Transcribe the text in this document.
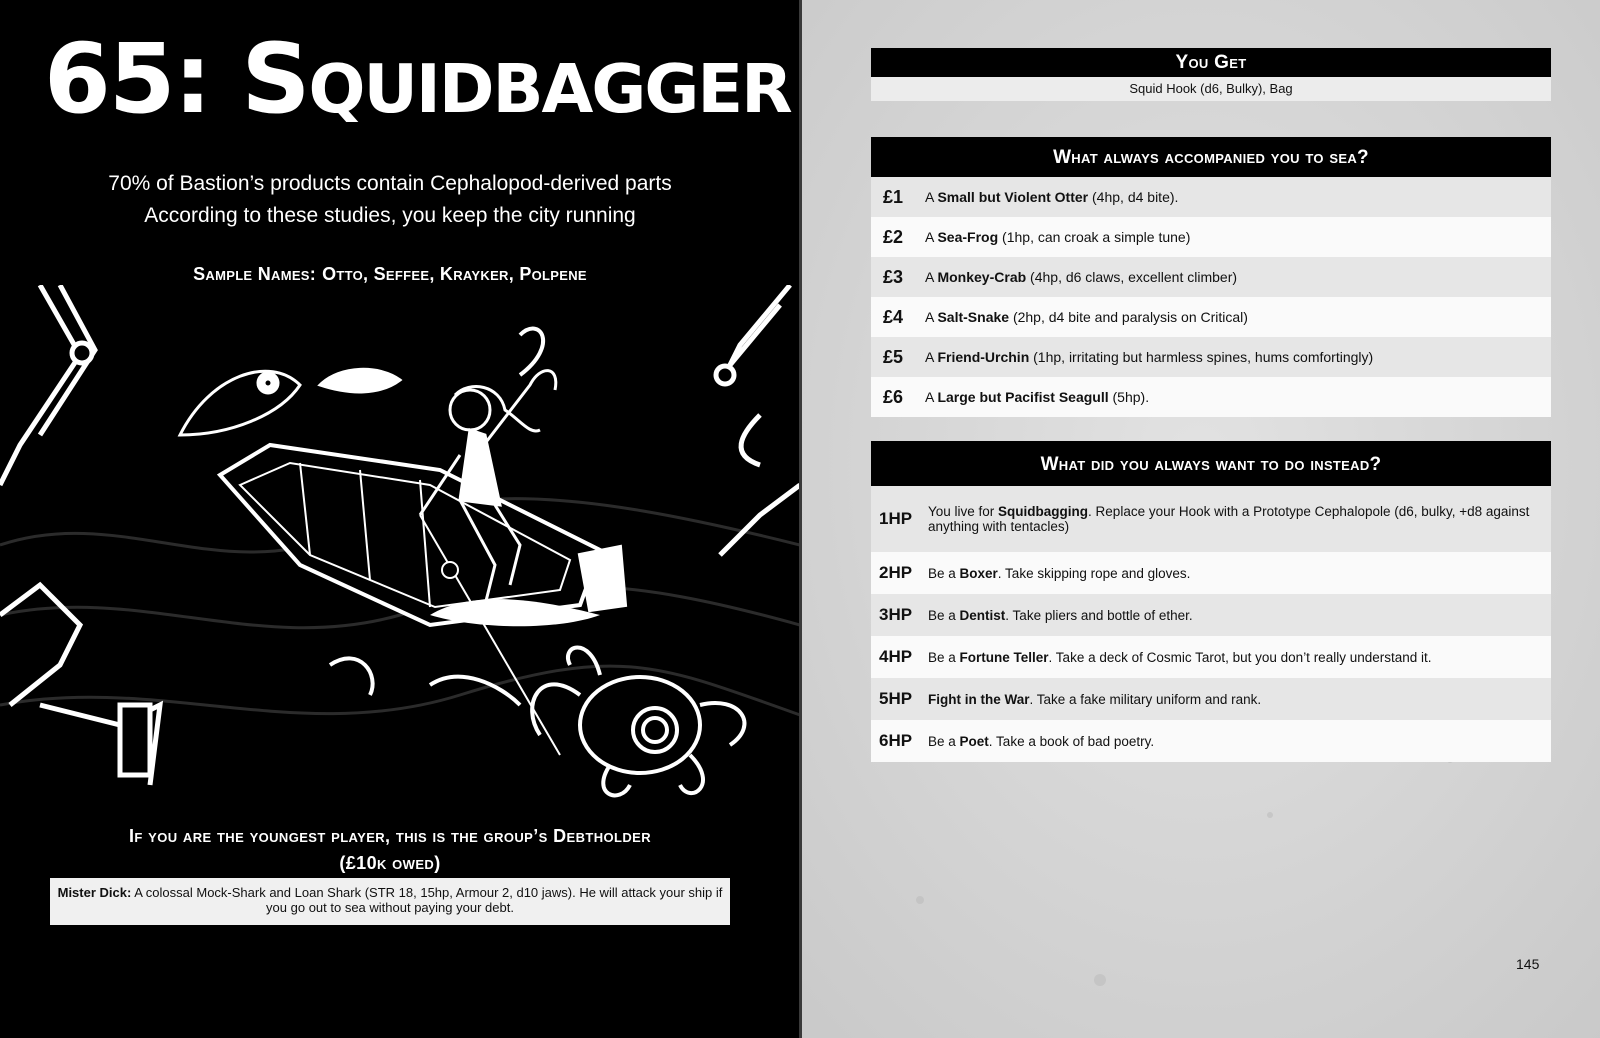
65: Squidbagger
70% of Bastion’s products contain Cephalopod-derived parts
According to these studies, you keep the city running
Sample Names: Otto, Seffee, Krayker, Polpene
If you are the youngest player, this is the group’s Debtholder
(£10k owed)
Mister Dick: A colossal Mock-Shark and Loan Shark (STR 18, 15hp, Armour 2, d10 jaws). He will attack your ship if you go out to sea without paying your debt.
You Get
Squid Hook (d6, Bulky), Bag
What always accompanied you to sea?
£1	A Small but Violent Otter (4hp, d4 bite).
£2	A Sea-Frog (1hp, can croak a simple tune)
£3	A Monkey-Crab (4hp, d6 claws, excellent climber)
£4	A Salt-Snake (2hp, d4 bite and paralysis on Critical)
£5	A Friend-Urchin (1hp, irritating but harmless spines, hums comfortingly)
£6	A Large but Pacifist Seagull (5hp).
What did you always want to do instead?
1HP	You live for Squidbagging. Replace your Hook with a Prototype Cephalopole (d6, bulky, +d8 against anything with tentacles)
2HP	Be a Boxer. Take skipping rope and gloves.
3HP	Be a Dentist. Take pliers and bottle of ether.
4HP	Be a Fortune Teller. Take a deck of Cosmic Tarot, but you don’t really understand it.
5HP	Fight in the War. Take a fake military uniform and rank.
6HP	Be a Poet. Take a book of bad poetry.
145
